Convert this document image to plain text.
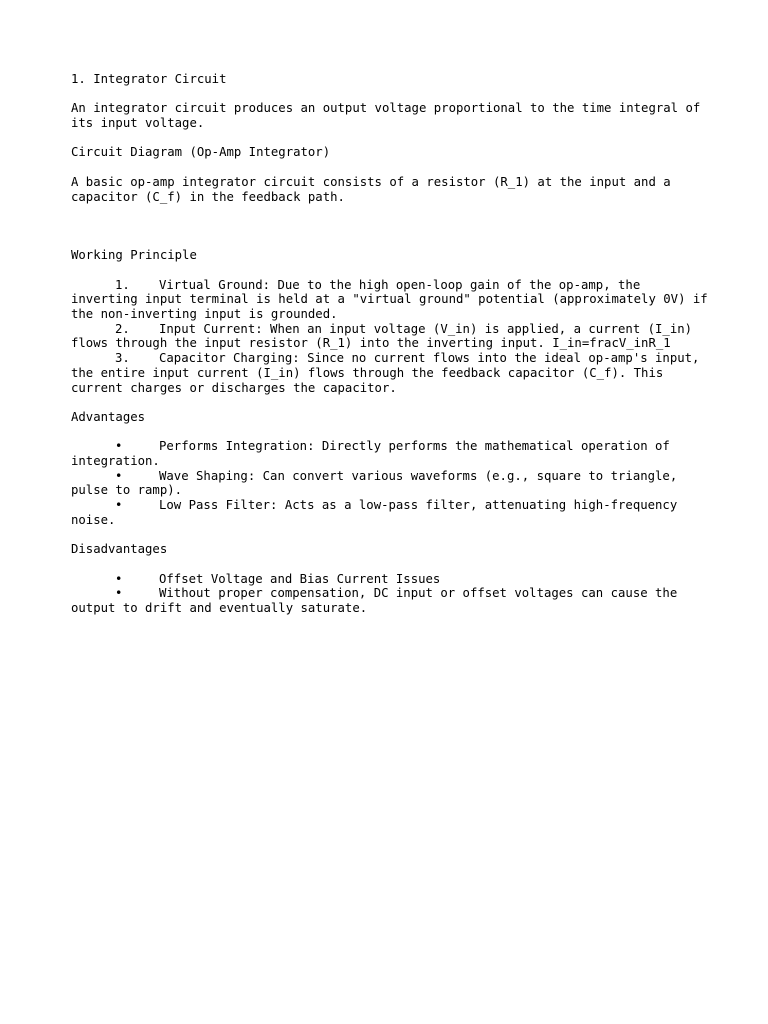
1. Integrator Circuit

An integrator circuit produces an output voltage proportional to the time integral of its input voltage.

Circuit Diagram (Op-Amp Integrator)

A basic op-amp integrator circuit consists of a resistor (R_1) at the input and a capacitor (C_f) in the feedback path.

Working Principle

1. Virtual Ground: Due to the high open-loop gain of the op-amp, the inverting input terminal is held at a "virtual ground" potential (approximately 0V) if the non-inverting input is grounded.

2. Input Current: When an input voltage (V_in) is applied, a current (I_in) flows through the input resistor (R_1) into the inverting input. I_in=fracV_inR_1

3. Capacitor Charging: Since no current flows into the ideal op-amp's input, the entire input current (I_in) flows through the feedback capacitor (C_f). This current charges or discharges the capacitor.

Advantages

•	Performs Integration: Directly performs the mathematical operation of integration.

•	Wave Shaping: Can convert various waveforms (e.g., square to triangle, pulse to ramp).

•	Low Pass Filter: Acts as a low-pass filter, attenuating high-frequency noise.

Disadvantages

•	Offset Voltage and Bias Current Issues

•	Without proper compensation, DC input or offset voltages can cause the output to drift and eventually saturate.
